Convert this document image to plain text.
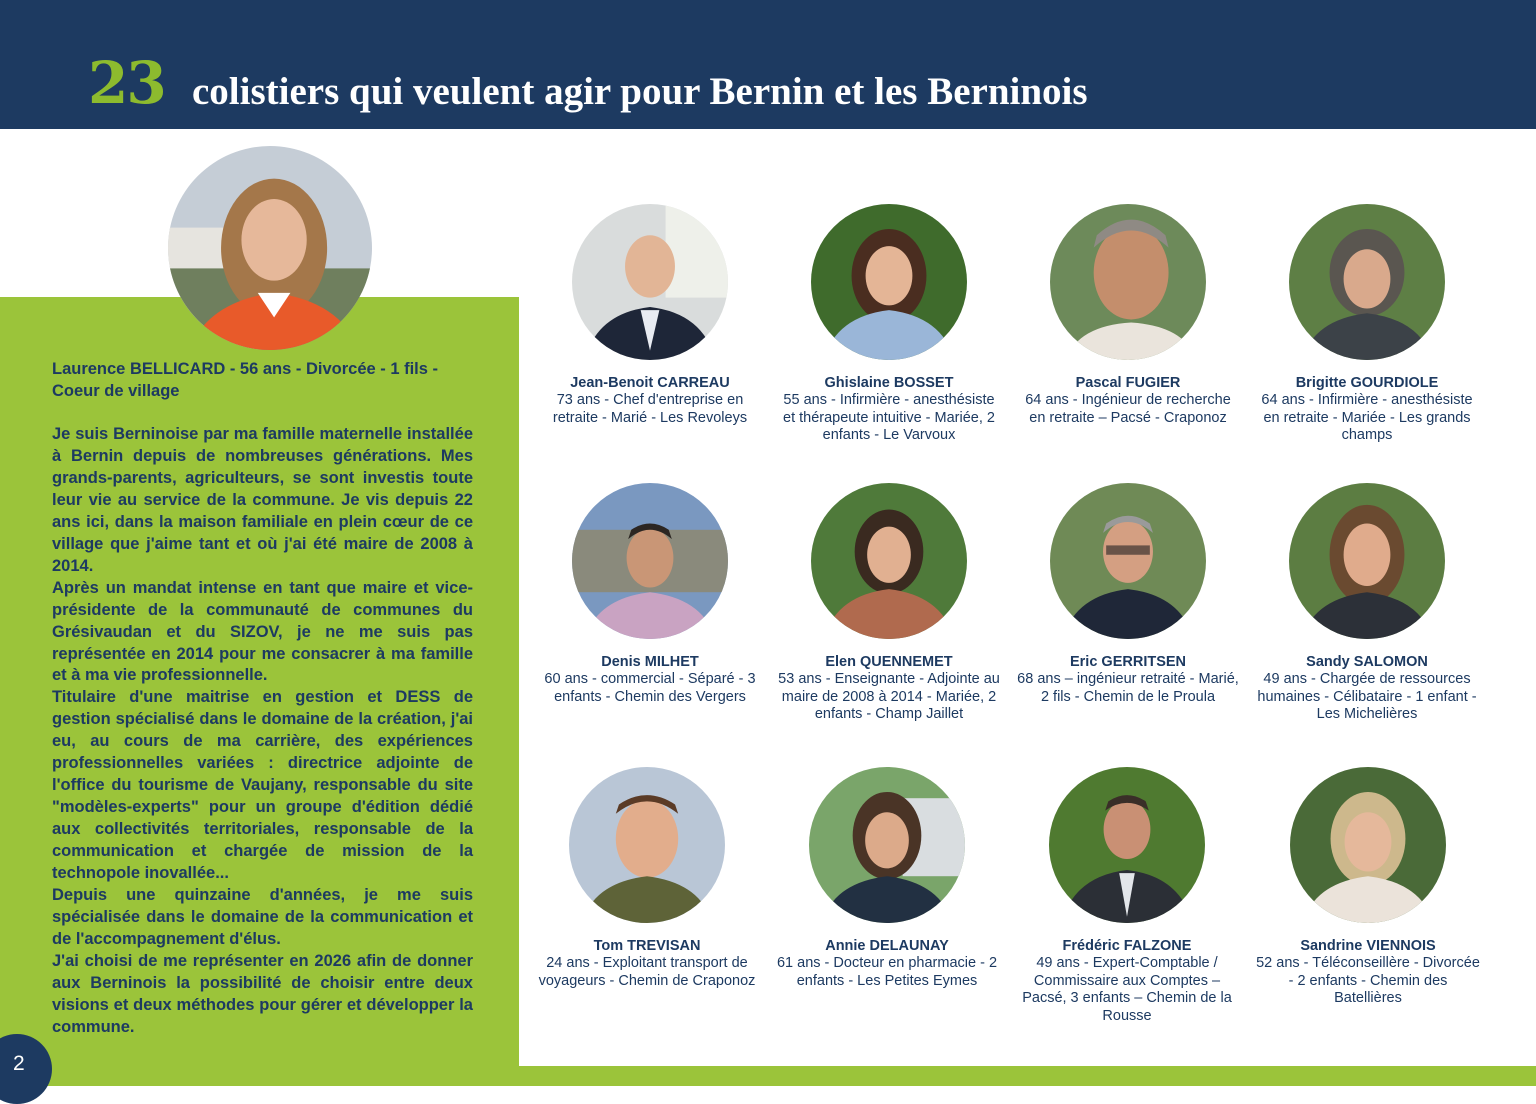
23 colistiers qui veulent agir pour Bernin et les Berninois
Laurence BELLICARD - 56 ans - Divorcée - 1 fils - Coeur de village

Je suis Berninoise par ma famille maternelle installée à Bernin depuis de nombreuses générations. Mes grands-parents, agriculteurs, se sont investis toute leur vie au service de la commune. Je vis depuis 22 ans ici, dans la maison familiale en plein cœur de ce village que j'aime tant et où j'ai été maire de 2008 à 2014.

Après un mandat intense en tant que maire et vice-présidente de la communauté de communes du Grésivaudan et du SIZOV, je ne me suis pas représentée en 2014 pour me consacrer à ma famille et à ma vie professionnelle.

Titulaire d'une maitrise en gestion et DESS de gestion spécialisé dans le domaine de la création, j'ai eu, au cours de ma carrière, des expériences professionnelles variées : directrice adjointe de l'office du tourisme de Vaujany, responsable du site "modèles-experts" pour un groupe d'édition dédié aux collectivités territoriales, responsable de la communication et chargée de mission de la technopole inovallée...

Depuis une quinzaine d'années, je me suis spécialisée dans le domaine de la communication et de l'accompagnement d'élus.

J'ai choisi de me représenter en 2026 afin de donner aux Berninois la possibilité de choisir entre deux visions et deux méthodes pour gérer et développer la commune.

Jean-Benoit CARREAU
73 ans - Chef d'entreprise en retraite - Marié - Les Revoleys
Ghislaine BOSSET
55 ans - Infirmière - anesthésiste et thérapeute intuitive - Mariée, 2 enfants - Le Varvoux
Pascal FUGIER
64 ans - Ingénieur de recherche en retraite – Pacsé - Craponoz
Brigitte GOURDIOLE
64 ans - Infirmière - anesthésiste en retraite - Mariée - Les grands champs
Denis MILHET
60 ans - commercial - Séparé - 3 enfants - Chemin des Vergers
Elen QUENNEMET
53 ans - Enseignante - Adjointe au maire de 2008 à 2014 - Mariée, 2 enfants - Champ Jaillet
Eric GERRITSEN
68 ans – ingénieur retraité - Marié, 2 fils - Chemin de le Proula
Sandy SALOMON
49 ans - Chargée de ressources humaines - Célibataire - 1 enfant - Les Michelières
Tom TREVISAN
24 ans - Exploitant transport de voyageurs - Chemin de Craponoz
Annie DELAUNAY
61 ans - Docteur en pharmacie - 2 enfants - Les Petites Eymes
Frédéric FALZONE
49 ans - Expert-Comptable / Commissaire aux Comptes – Pacsé, 3 enfants – Chemin de la Rousse
Sandrine VIENNOIS
52 ans - Téléconseillère - Divorcée - 2 enfants - Chemin des Batellières
2
